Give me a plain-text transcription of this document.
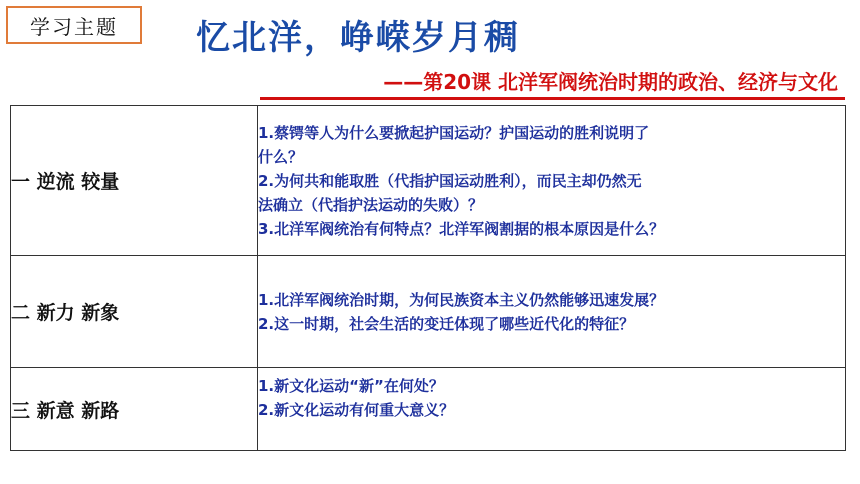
学习主题	忆北洋，峥嵘岁月稠
——第20课 北洋军阀统治时期的政治、经济与文化
一 逆流 较量	1.蔡锷等人为什么要掀起护国运动？护国运动的胜利说明了
什么？
2.为何共和能取胜（代指护国运动胜利），而民主却仍然无
法确立（代指护法运动的失败）？
3.北洋军阀统治有何特点？北洋军阀割据的根本原因是什么？

二 新力 新象	1.北洋军阀统治时期，为何民族资本主义仍然能够迅速发展？
2.这一时期，社会生活的变迁体现了哪些近代化的特征？

三 新意 新路	1.新文化运动“新”在何处？
2.新文化运动有何重大意义？
